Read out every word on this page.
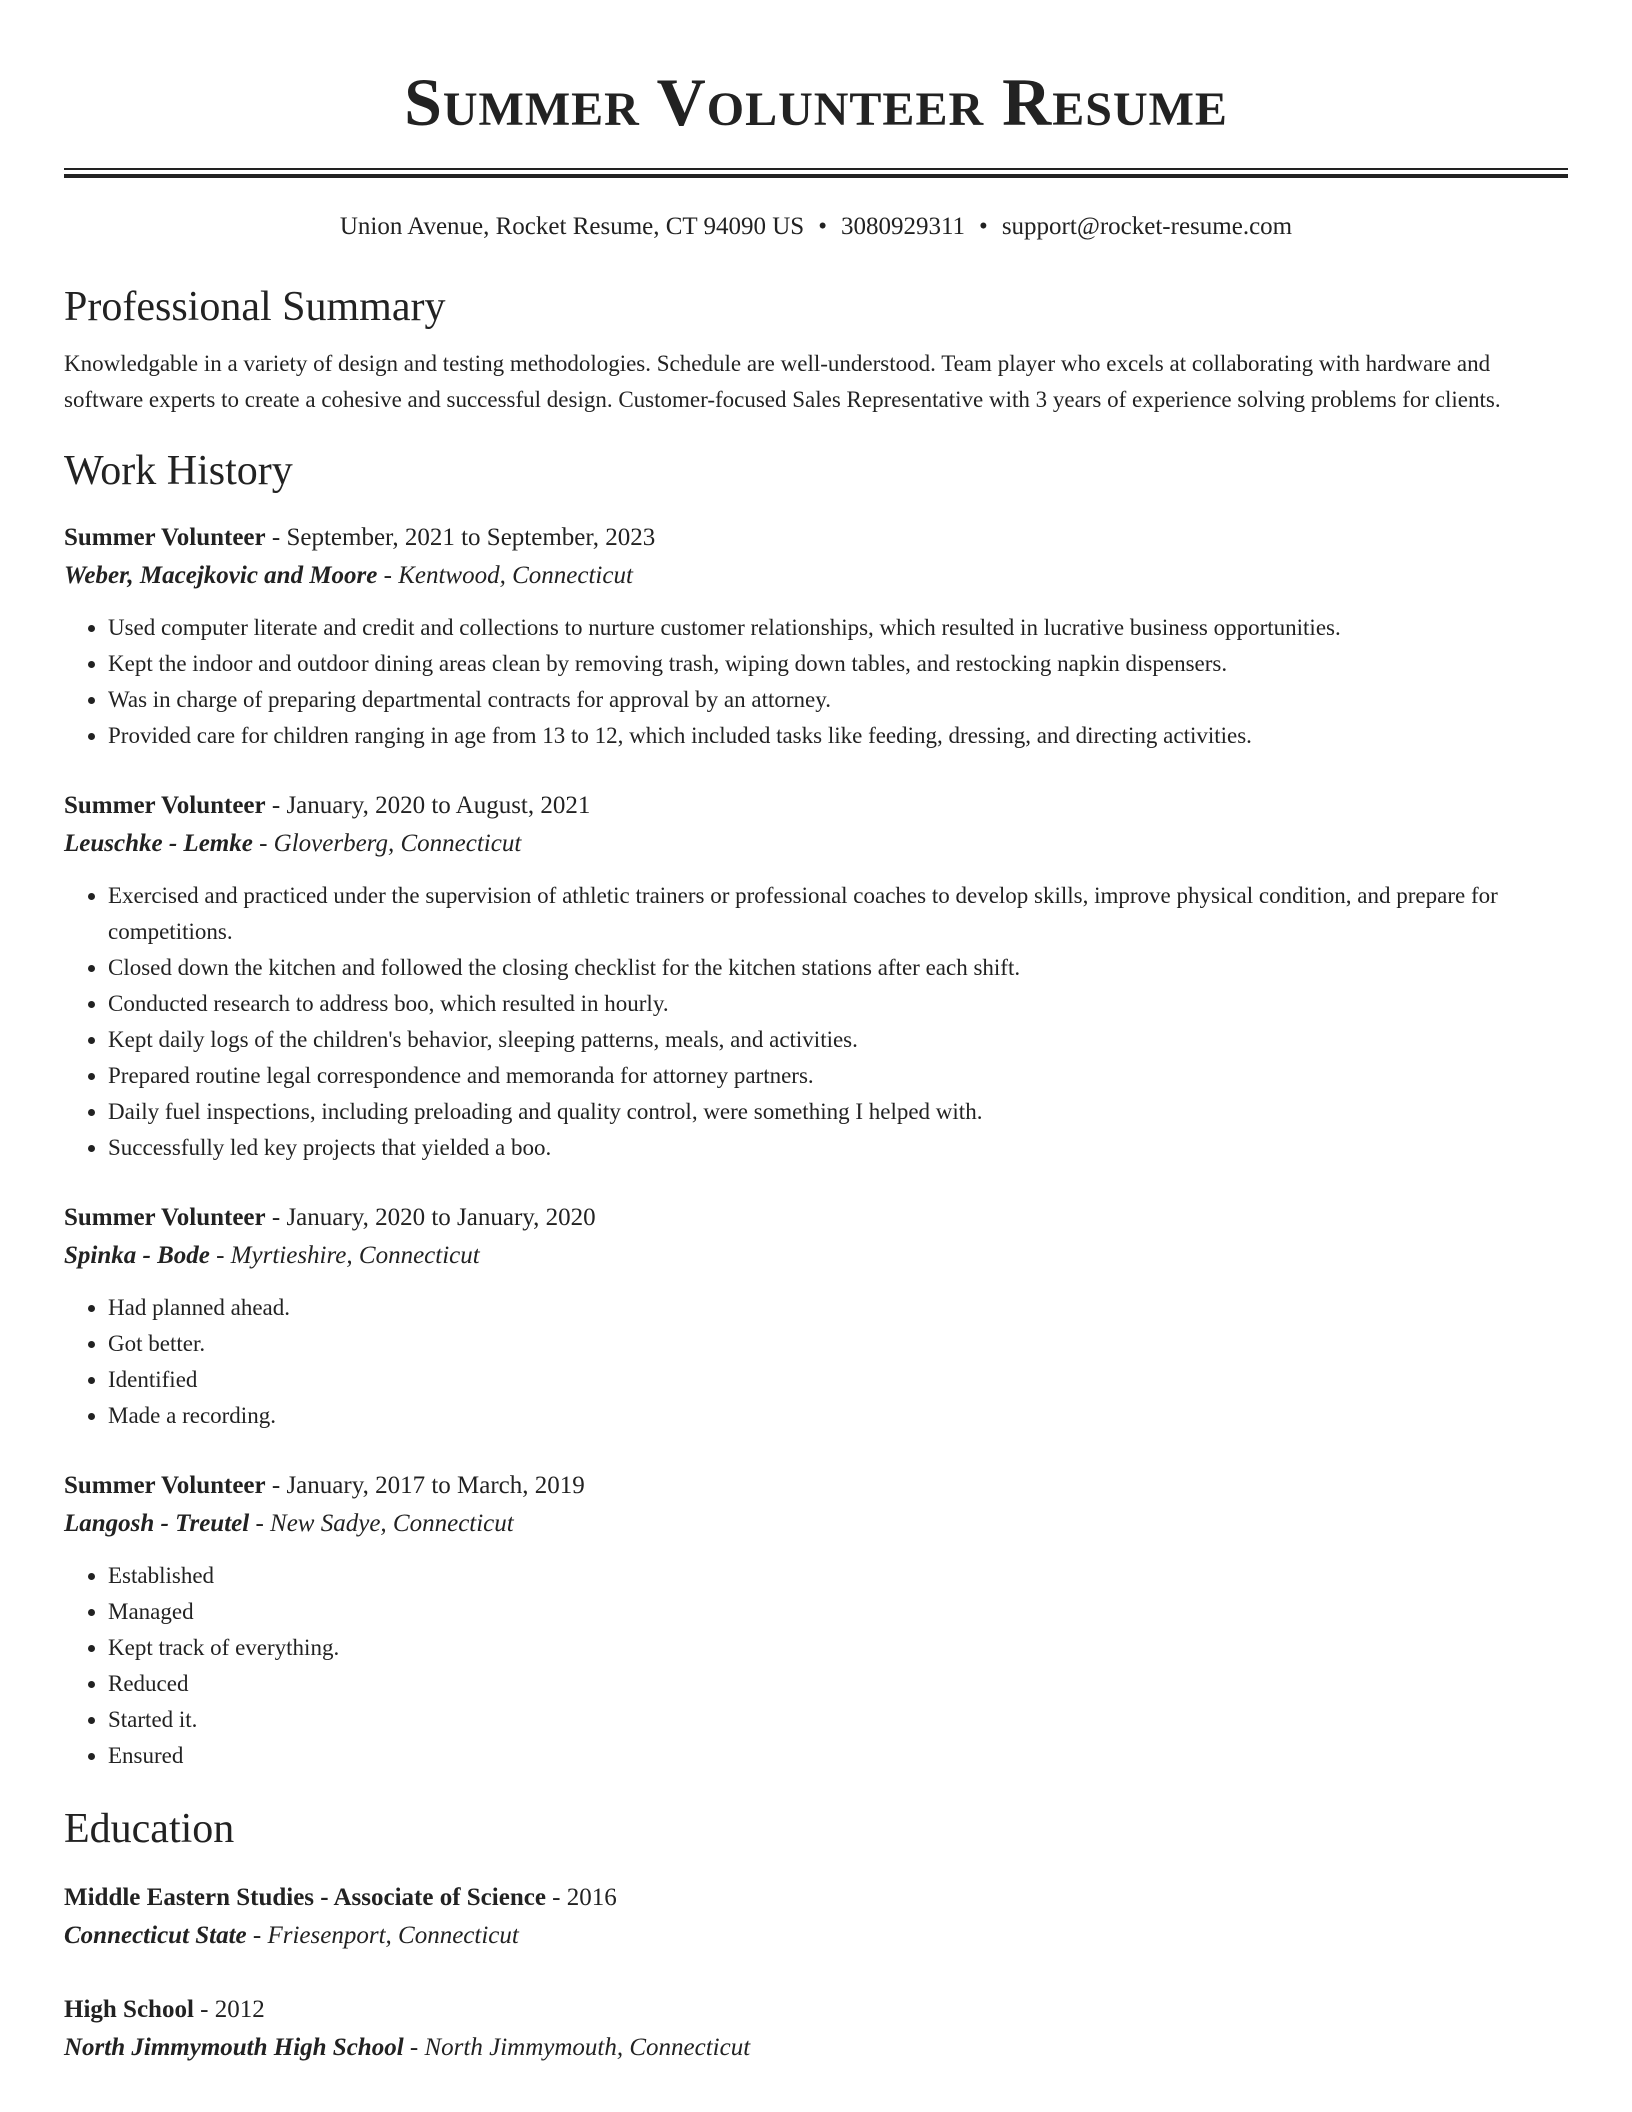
Summer Volunteer Resume
Union Avenue, Rocket Resume, CT 94090 US • 3080929311 • support@rocket-resume.com
Professional Summary

Knowledgable in a variety of design and testing methodologies. Schedule are well-understood. Team player who excels at collaborating with hardware and software experts to create a cohesive and successful design. Customer-focused Sales Representative with 3 years of experience solving problems for clients.

Work History

Summer Volunteer - September, 2021 to September, 2023

Weber, Macejkovic and Moore - Kentwood, Connecticut

• Used computer literate and credit and collections to nurture customer relationships, which resulted in lucrative business opportunities.
• Kept the indoor and outdoor dining areas clean by removing trash, wiping down tables, and restocking napkin dispensers.
• Was in charge of preparing departmental contracts for approval by an attorney.
• Provided care for children ranging in age from 13 to 12, which included tasks like feeding, dressing, and directing activities.

Summer Volunteer - January, 2020 to August, 2021

Leuschke - Lemke - Gloverberg, Connecticut

• Exercised and practiced under the supervision of athletic trainers or professional coaches to develop skills, improve physical condition, and prepare for competitions.
• Closed down the kitchen and followed the closing checklist for the kitchen stations after each shift.
• Conducted research to address boo, which resulted in hourly.
• Kept daily logs of the children's behavior, sleeping patterns, meals, and activities.
• Prepared routine legal correspondence and memoranda for attorney partners.
• Daily fuel inspections, including preloading and quality control, were something I helped with.
• Successfully led key projects that yielded a boo.

Summer Volunteer - January, 2020 to January, 2020

Spinka - Bode - Myrtieshire, Connecticut

• Had planned ahead.
• Got better.
• Identified
• Made a recording.

Summer Volunteer - January, 2017 to March, 2019

Langosh - Treutel - New Sadye, Connecticut

• Established
• Managed
• Kept track of everything.
• Reduced
• Started it.
• Ensured
Education

Middle Eastern Studies - Associate of Science - 2016

Connecticut State - Friesenport, Connecticut

High School - 2012

North Jimmymouth High School - North Jimmymouth, Connecticut
